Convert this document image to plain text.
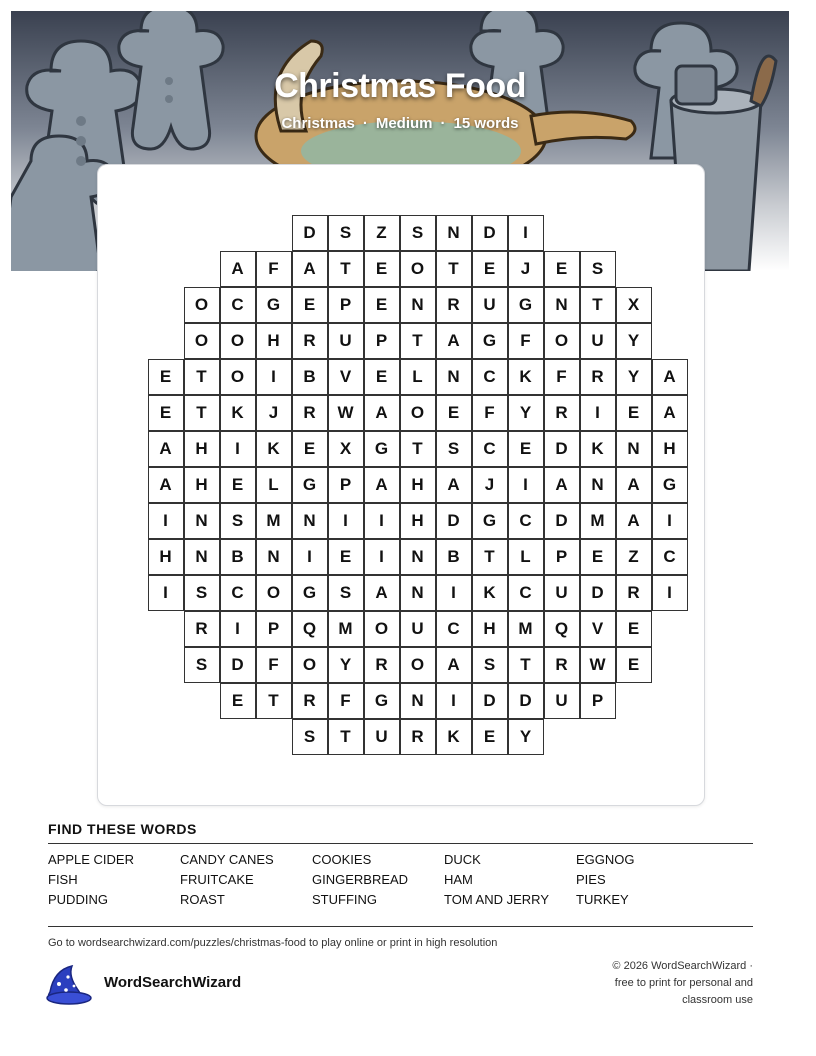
Christmas Food
Christmas · Medium · 15 words
D	S	Z	S	N	D	I
A	F	A	T	E	O	T	E	J	E	S
O	C	G	E	P	E	N	R	U	G	N	T	X
O	O	H	R	U	P	T	A	G	F	O	U	Y
E	T	O	I	B	V	E	L	N	C	K	F	R	Y	A
E	T	K	J	R	W	A	O	E	F	Y	R	I	E	A
A	H	I	K	E	X	G	T	S	C	E	D	K	N	H
A	H	E	L	G	P	A	H	A	J	I	A	N	A	G
I	N	S	M	N	I	I	H	D	G	C	D	M	A	I
H	N	B	N	I	E	I	N	B	T	L	P	E	Z	C
I	S	C	O	G	S	A	N	I	K	C	U	D	R	I
R	I	P	Q	M	O	U	C	H	M	Q	V	E
S	D	F	O	Y	R	O	A	S	T	R	W	E
E	T	R	F	G	N	I	D	D	U	P
S	T	U	R	K	E	Y
FIND THESE WORDS
APPLE CIDER	CANDY CANES	COOKIES	DUCK	EGGNOG
FISH	FRUITCAKE	GINGERBREAD	HAM	PIES
PUDDING	ROAST	STUFFING	TOM AND JERRY	TURKEY
Go to wordsearchwizard.com/puzzles/christmas-food to play online or print in high resolution
WordSearchWizard
© 2026 WordSearchWizard ·
free to print for personal and
classroom use
